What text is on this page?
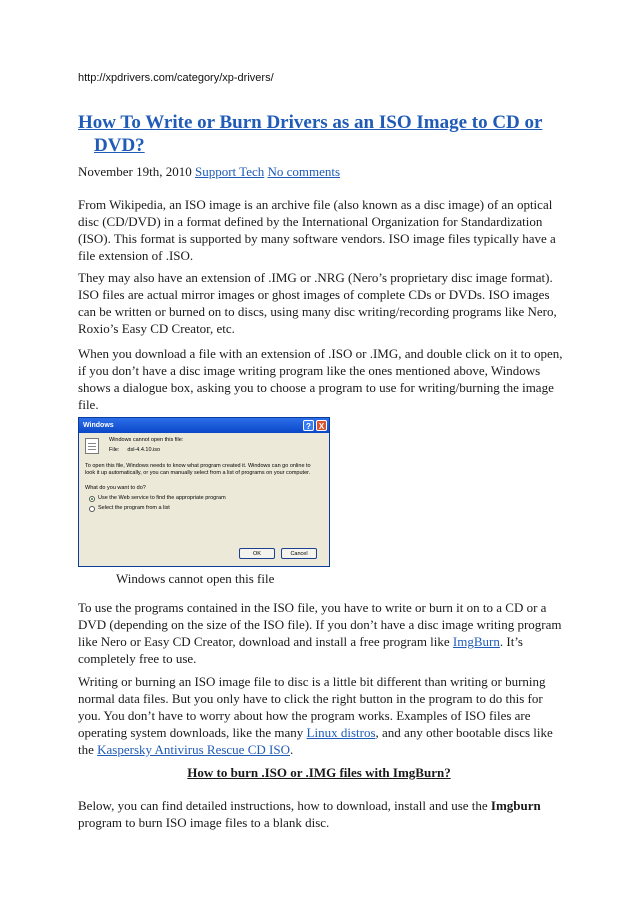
http://xpdrivers.com/category/xp-drivers/
How To Write or Burn Drivers as an ISO Image to CD or
DVD?
November 19th, 2010 Support Tech No comments

From Wikipedia, an ISO image is an archive file (also known as a disc image) of an optical disc (CD/DVD) in a format defined by the International Organization for Standardization (ISO). This format is supported by many software vendors. ISO image files typically have a file extension of .ISO.

They may also have an extension of .IMG or .NRG (Nero’s proprietary disc image format). ISO files are actual mirror images or ghost images of complete CDs or DVDs. ISO images can be written or burned on to discs, using many disc writing/recording programs like Nero, Roxio’s Easy CD Creator, etc.

When you download a file with an extension of .ISO or .IMG, and double click on it to open, if you don’t have a disc image writing program like the ones mentioned above, Windows shows a dialogue box, asking you to choose a program to use for writing/burning the image file.

Windows	? X
Windows cannot open this file:
File: dsl-4.4.10.iso
To open this file, Windows needs to know what program created it. Windows can go online to look it up automatically, or you can manually select from a list of programs on your computer.
What do you want to do?
Use the Web service to find the appropriate program
Select the program from a list
OK	Cancel
Windows cannot open this file

To use the programs contained in the ISO file, you have to write or burn it on to a CD or a DVD (depending on the size of the ISO file). If you don’t have a disc image writing program like Nero or Easy CD Creator, download and install a free program like ImgBurn. It’s completely free to use.

Writing or burning an ISO image file to disc is a little bit different than writing or burning normal data files. But you only have to click the right button in the program to do this for you. You don’t have to worry about how the program works. Examples of ISO files are operating system downloads, like the many Linux distros, and any other bootable discs like the Kaspersky Antivirus Rescue CD ISO.

How to burn .ISO or .IMG files with ImgBurn?

Below, you can find detailed instructions, how to download, install and use the Imgburn program to burn ISO image files to a blank disc.
